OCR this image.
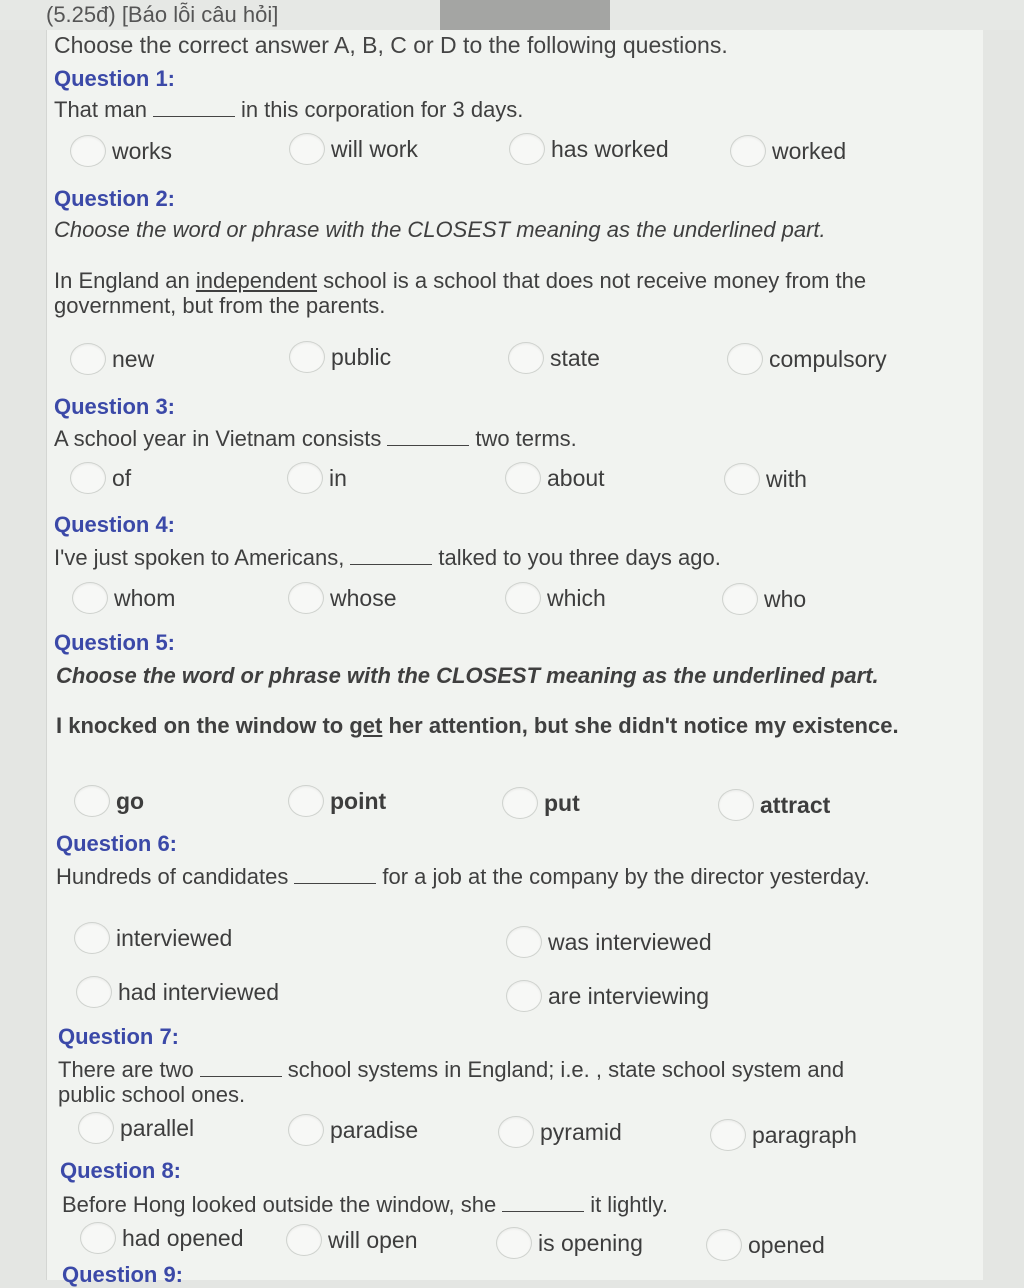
(5.25đ) [Báo lỗi câu hỏi]
Choose the correct answer A, B, C or D to the following questions.
Question 1:
That man	in this corporation for 3 days.
works	will work	has worked	worked
Question 2:
Choose the word or phrase with the CLOSEST meaning as the underlined part.
In England an independent school is a school that does not receive money from the government, but from the parents.
new	public	state	compulsory
Question 3:
A school year in Vietnam consists	two terms.
of	in	about	with
Question 4:
I've just spoken to Americans,	talked to you three days ago.
whom	whose	which	who
Question 5:
Choose the word or phrase with the CLOSEST meaning as the underlined part.
I knocked on the window to get her attention, but she didn't notice my existence.
go	point	put	attract
Question 6:
Hundreds of candidates	for a job at the company by the director yesterday.
interviewed	was interviewed
had interviewed	are interviewing
Question 7:
There are two	school systems in England; i.e. , state school system and public school ones.
parallel	paradise	pyramid	paragraph
Question 8:
Before Hong looked outside the window, she	it lightly.
had opened	will open	is opening	opened
Question 9:
